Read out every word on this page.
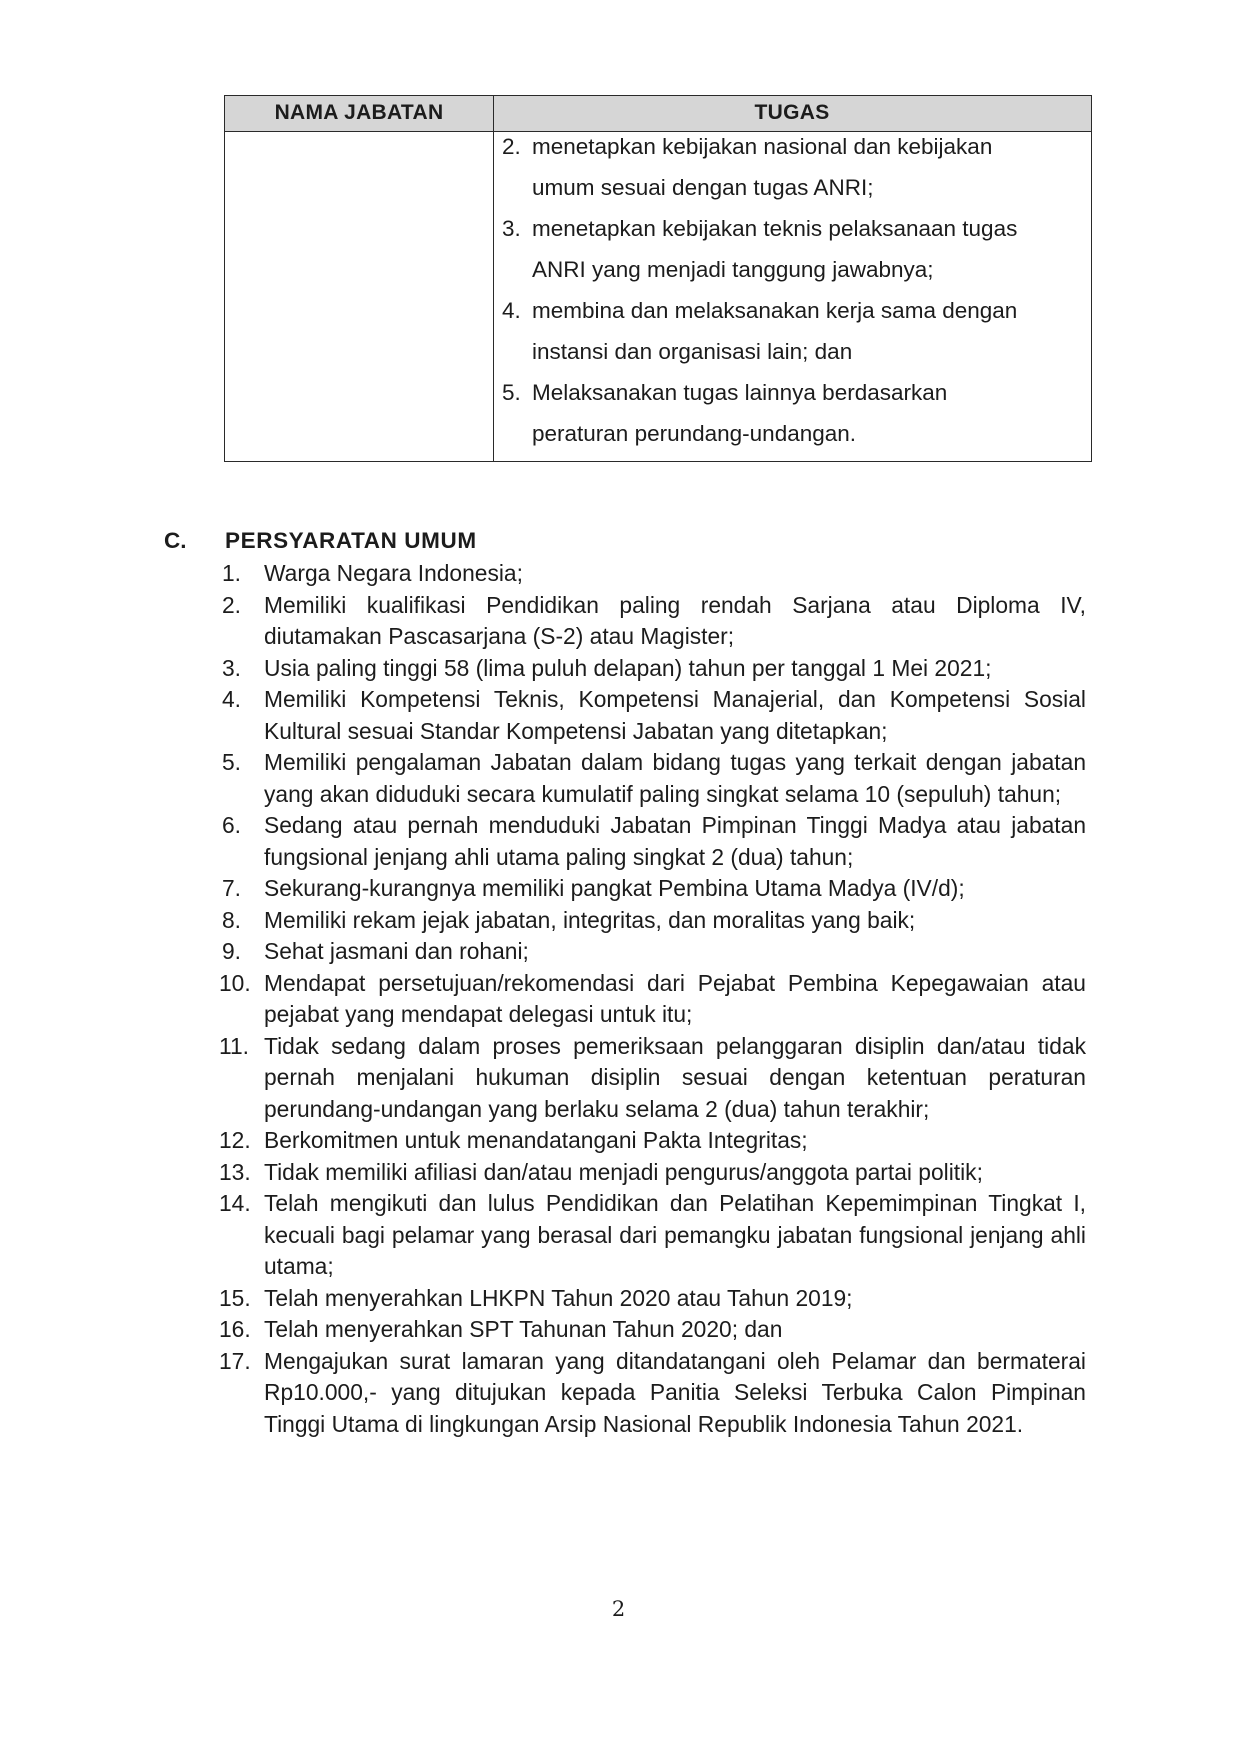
NAMA JABATAN	TUGAS
2. menetapkan kebijakan nasional dan kebijakan
umum sesuai dengan tugas ANRI;
3. menetapkan kebijakan teknis pelaksanaan tugas
ANRI yang menjadi tanggung jawabnya;
4. membina dan melaksanakan kerja sama dengan
instansi dan organisasi lain; dan
5. Melaksanakan tugas lainnya berdasarkan
peraturan perundang-undangan.
C. PERSYARATAN UMUM
1.	Warga Negara Indonesia;
2.	Memiliki kualifikasi Pendidikan paling rendah Sarjana atau Diploma IV, diutamakan Pascasarjana (S-2) atau Magister;
3.	Usia paling tinggi 58 (lima puluh delapan) tahun per tanggal 1 Mei 2021;
4.	Memiliki Kompetensi Teknis, Kompetensi Manajerial, dan Kompetensi Sosial Kultural sesuai Standar Kompetensi Jabatan yang ditetapkan;
5.	Memiliki pengalaman Jabatan dalam bidang tugas yang terkait dengan jabatan yang akan diduduki secara kumulatif paling singkat selama 10 (sepuluh) tahun;
6.	Sedang atau pernah menduduki Jabatan Pimpinan Tinggi Madya atau jabatan fungsional jenjang ahli utama paling singkat 2 (dua) tahun;
7.	Sekurang-kurangnya memiliki pangkat Pembina Utama Madya (IV/d);
8.	Memiliki rekam jejak jabatan, integritas, dan moralitas yang baik;
9.	Sehat jasmani dan rohani;
10. Mendapat persetujuan/rekomendasi dari Pejabat Pembina Kepegawaian atau pejabat yang mendapat delegasi untuk itu;
11. Tidak sedang dalam proses pemeriksaan pelanggaran disiplin dan/atau tidak pernah menjalani hukuman disiplin sesuai dengan ketentuan peraturan perundang-undangan yang berlaku selama 2 (dua) tahun terakhir;
12. Berkomitmen untuk menandatangani Pakta Integritas;
13. Tidak memiliki afiliasi dan/atau menjadi pengurus/anggota partai politik;
14. Telah mengikuti dan lulus Pendidikan dan Pelatihan Kepemimpinan Tingkat I, kecuali bagi pelamar yang berasal dari pemangku jabatan fungsional jenjang ahli utama;
15. Telah menyerahkan LHKPN Tahun 2020 atau Tahun 2019;
16. Telah menyerahkan SPT Tahunan Tahun 2020; dan
17. Mengajukan surat lamaran yang ditandatangani oleh Pelamar dan bermaterai Rp10.000,- yang ditujukan kepada Panitia Seleksi Terbuka Calon Pimpinan Tinggi Utama di lingkungan Arsip Nasional Republik Indonesia Tahun 2021.
2
